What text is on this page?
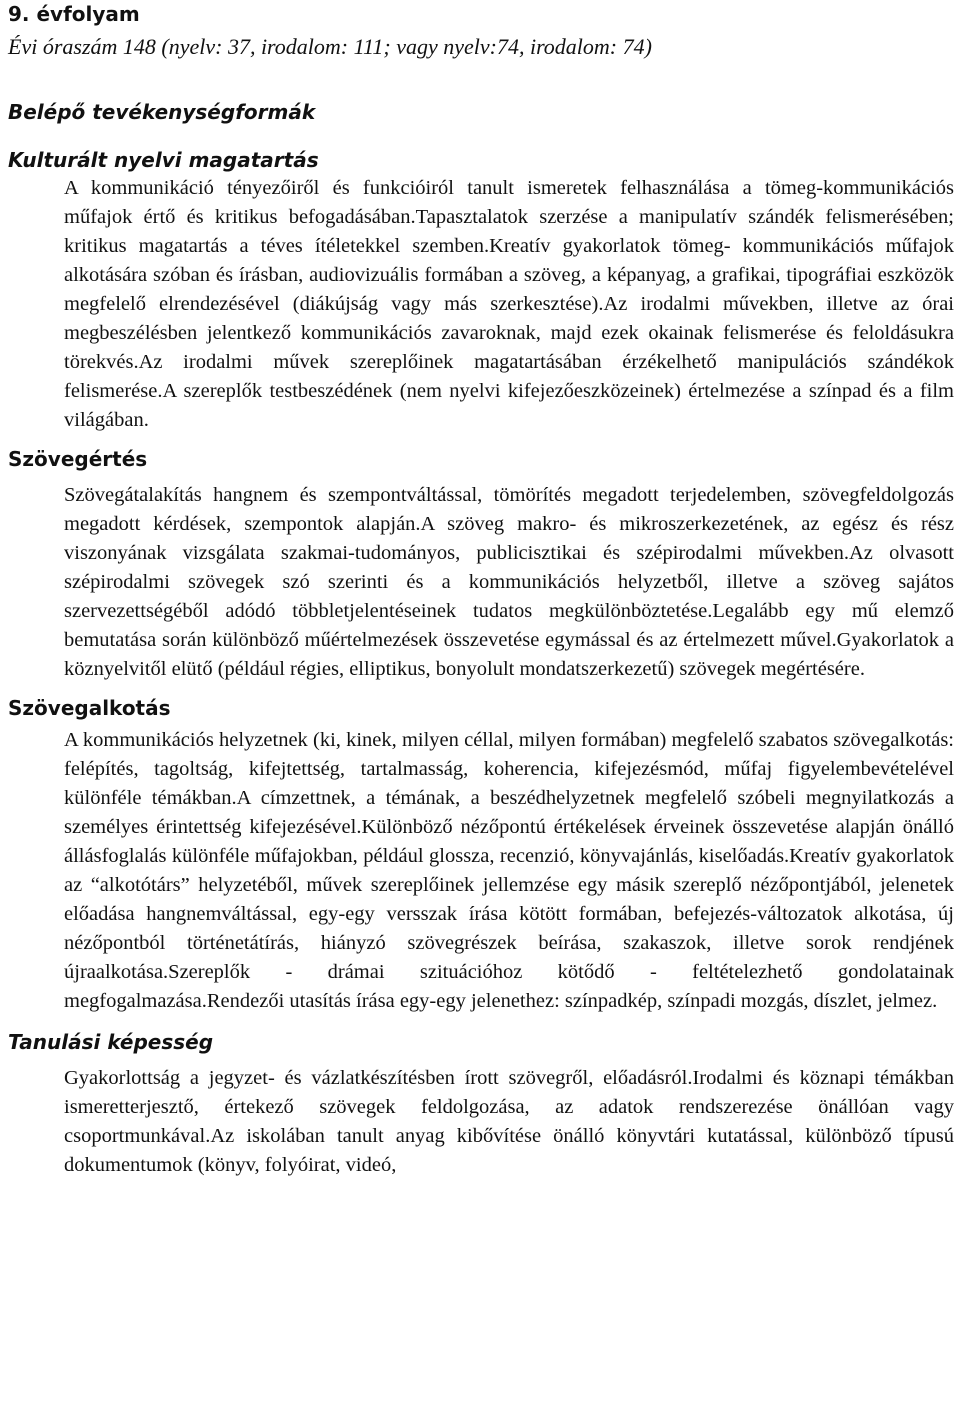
9. évfolyam

Évi óraszám 148 (nyelv: 37, irodalom: 111; vagy nyelv:74, irodalom: 74)

Belépő tevékenységformák
Kulturált nyelvi magatartás

A kommunikáció tényezőiről és funkcióiról tanult ismeretek felhasználása a tömeg-kommunikációs műfajok értő és kritikus befogadásában.Tapasztalatok szerzése a manipulatív szándék felismerésében; kritikus magatartás a téves ítéletekkel szemben.Kreatív gyakorlatok tömeg- kommunikációs műfajok alkotására szóban és írásban, audiovizuális formában a szöveg, a képanyag, a grafikai, tipográfiai eszközök megfelelő elrendezésével (diákújság vagy más szerkesztése).Az irodalmi művekben, illetve az órai megbeszélésben jelentkező kommunikációs zavaroknak, majd ezek okainak felismerése és feloldásukra törekvés.Az irodalmi művek szereplőinek magatartásában érzékelhető manipulációs szándékok felismerése.A szereplők testbeszédének (nem nyelvi kifejezőeszközeinek) értelmezése a színpad és a film világában.

Szövegértés

Szövegátalakítás hangnem és szempontváltással, tömörítés megadott terjedelemben, szövegfeldolgozás megadott kérdések, szempontok alapján.A szöveg makro- és mikroszerkezetének, az egész és rész viszonyának vizsgálata szakmai-tudományos, publicisztikai és szépirodalmi művekben.Az olvasott szépirodalmi szövegek szó szerinti és a kommunikációs helyzetből, illetve a szöveg sajátos szervezettségéből adódó többletjelentéseinek tudatos megkülönböztetése.Legalább egy mű elemző bemutatása során különböző műértelmezések összevetése egymással és az értelmezett művel.Gyakorlatok a köznyelvitől elütő (például régies, elliptikus, bonyolult mondatszerkezetű) szövegek megértésére.

Szövegalkotás

A kommunikációs helyzetnek (ki, kinek, milyen céllal, milyen formában) megfelelő szabatos szövegalkotás: felépítés, tagoltság, kifejtettség, tartalmasság, koherencia, kifejezésmód, műfaj figyelembevételével különféle témákban.A címzettnek, a témának, a beszédhelyzetnek megfelelő szóbeli megnyilatkozás a személyes érintettség kifejezésével.Különböző nézőpontú értékelések érveinek összevetése alapján önálló állásfoglalás különféle műfajokban, például glossza, recenzió, könyvajánlás, kiselőadás.Kreatív gyakorlatok az “alkotótárs” helyzetéből, művek szereplőinek jellemzése egy másik szereplő nézőpontjából, jelenetek előadása hangnemváltással, egy-egy versszak írása kötött formában, befejezés-változatok alkotása, új nézőpontból történetátírás, hiányzó szövegrészek beírása, szakaszok, illetve sorok rendjének újraalkotása.Szereplők - drámai szituációhoz kötődő - feltételezhető gondolatainak megfogalmazása.Rendezői utasítás írása egy-egy jelenethez: színpadkép, színpadi mozgás, díszlet, jelmez.

Tanulási képesség

Gyakorlottság a jegyzet- és vázlatkészítésben írott szövegről, előadásról.Irodalmi és köznapi témákban ismeretterjesztő, értekező szövegek feldolgozása, az adatok rendszerezése önállóan vagy csoportmunkával.Az iskolában tanult anyag kibővítése önálló könyvtári kutatással, különböző típusú dokumentumok (könyv, folyóirat, videó,
